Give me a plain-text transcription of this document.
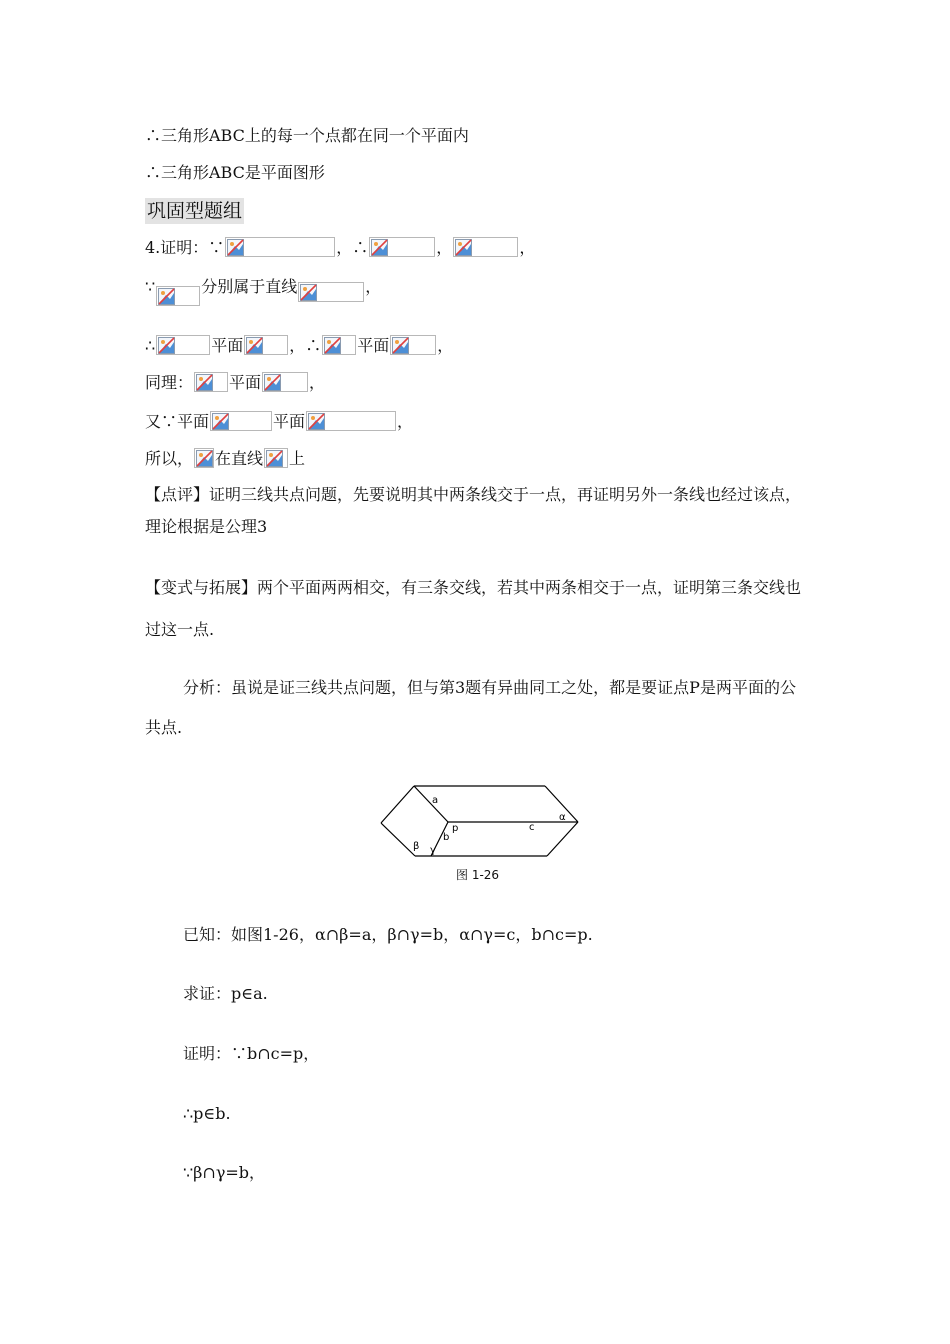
∴三角形ABC上的每一个点都在同一个平面内
∴三角形ABC是平面图形
巩固型题组
4.证明：∵	，∴	，	，
∵	分别属于直线	，
∴	平面	，∴ 平面	，
同理： 平面	，
又∵平面	平面	，
所以， 在直线 上
【点评】证明三线共点问题，先要说明其中两条线交于一点，再证明另外一条线也经过该点，理论根据是公理3
【变式与拓展】两个平面两两相交，有三条交线，若其中两条相交于一点，证明第三条交线也过这一点.
分析：虽说是证三线共点问题，但与第3题有异曲同工之处，都是要证点P是两平面的公共点.
a
p	c
b
α
β γ
图 1-26
已知：如图1-26，α∩β=a，β∩γ=b，α∩γ=c，b∩c=p.
求证：p∈a.
证明：∵b∩c=p，
∴p∈b.
∵β∩γ=b，
